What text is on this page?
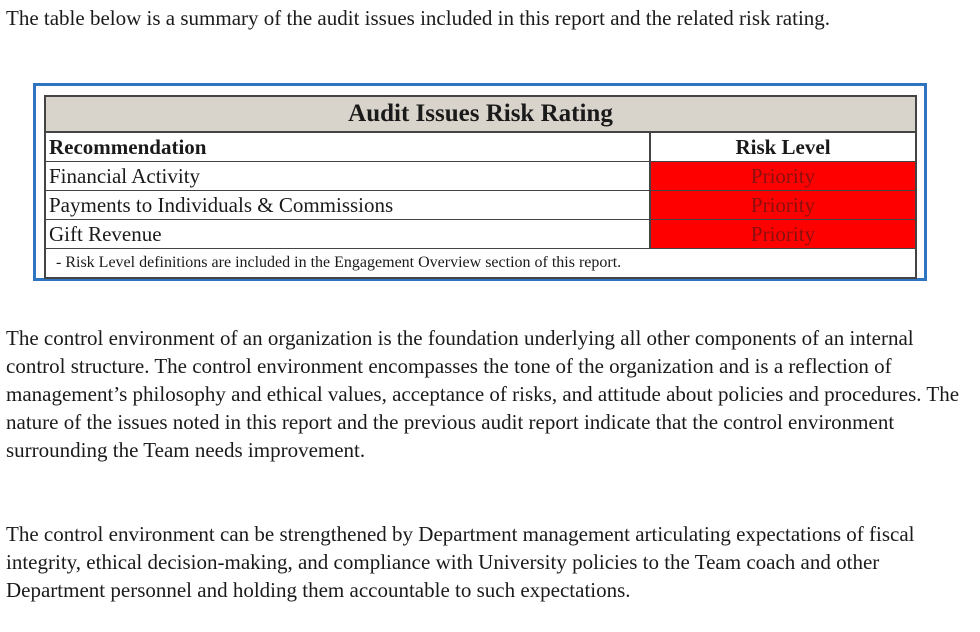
The table below is a summary of the audit issues included in this report and the related risk rating.

Audit Issues Risk Rating
Recommendation	Risk Level
Financial Activity	Priority
Payments to Individuals & Commissions	Priority
Gift Revenue	Priority
- Risk Level definitions are included in the Engagement Overview section of this report.

The control environment of an organization is the foundation underlying all other components of an internal control structure. The control environment encompasses the tone of the organization and is a reflection of management’s philosophy and ethical values, acceptance of risks, and attitude about policies and procedures. The nature of the issues noted in this report and the previous audit report indicate that the control environment surrounding the Team needs improvement.

The control environment can be strengthened by Department management articulating expectations of fiscal integrity, ethical decision-making, and compliance with University policies to the Team coach and other Department personnel and holding them accountable to such expectations.
